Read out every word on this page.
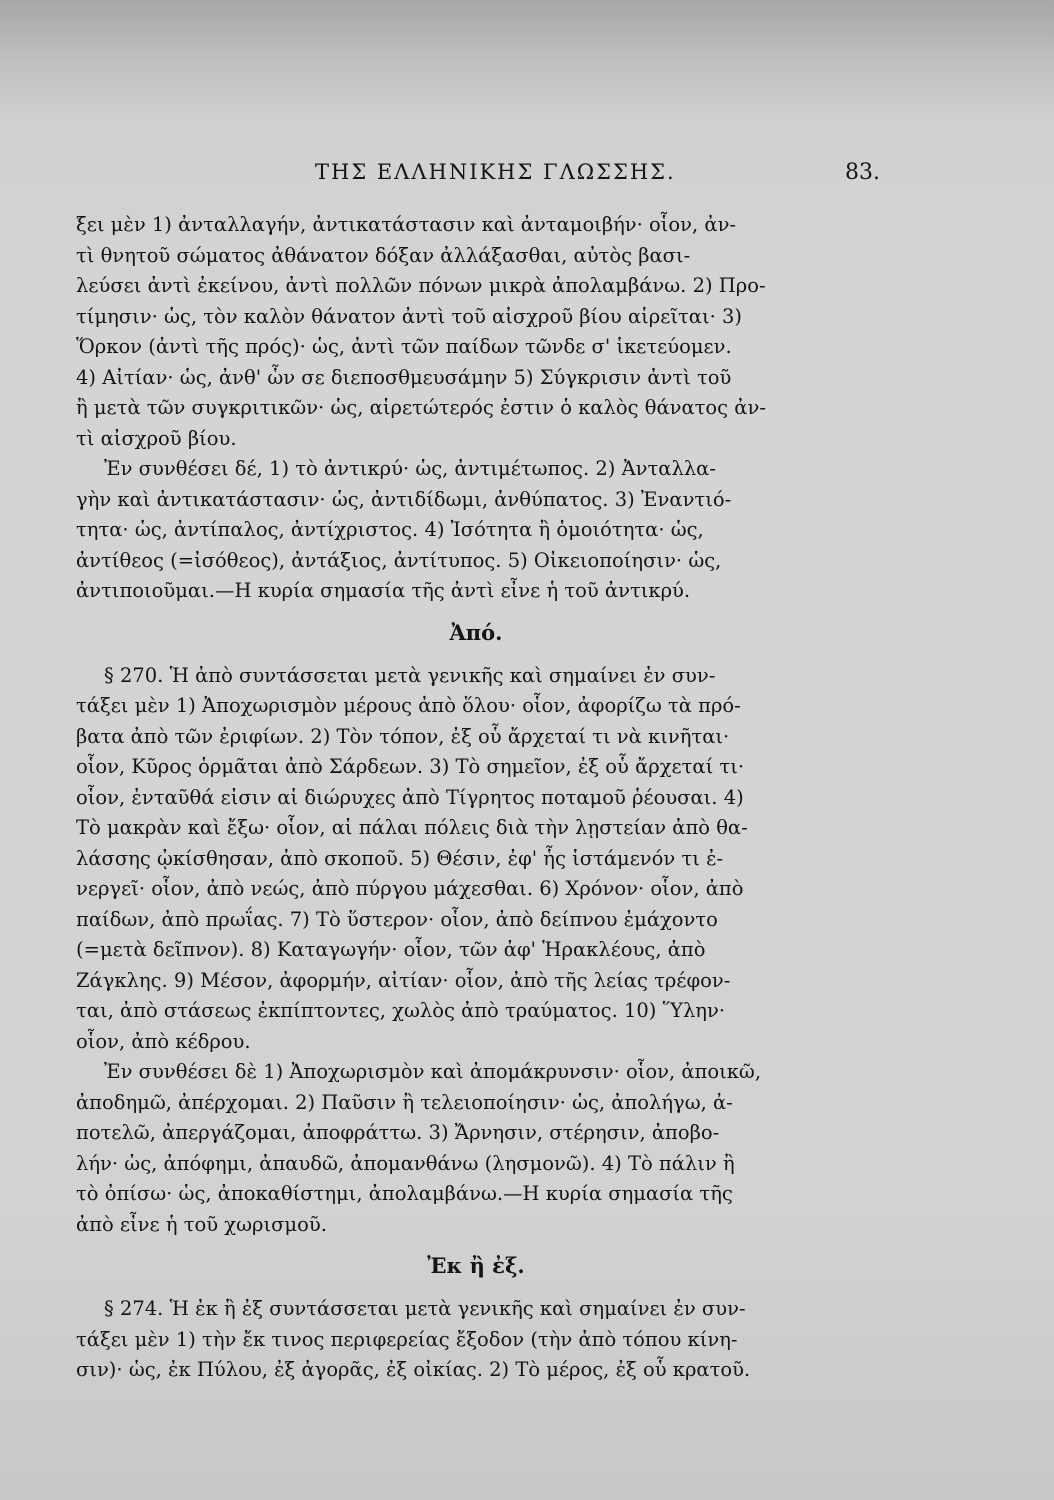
ΤΗΣ ΕΛΛΗΝΙΚΗΣ ΓΛΩΣΣΗΣ.	83.
ξει μὲν 1) ἀνταλλαγήν, ἀντικατάστασιν καὶ ἀνταμοιβήν· οἷον, ἀν-
τὶ θνητοῦ σώματος ἀθάνατον δόξαν ἀλλάξασθαι, αὐτὸς βασι-
λεύσει ἀντὶ ἐκείνου, ἀντὶ πολλῶν πόνων μικρὰ ἀπολαμβάνω. 2) Προ-
τίμησιν· ὡς, τὸν καλὸν θάνατον ἀντὶ τοῦ αἰσχροῦ βίου αἱρεῖται· 3)
Ὅρκον (ἀντὶ τῆς πρός)· ὡς, ἀντὶ τῶν παίδων τῶνδε σ' ἱκετεύομεν.
4) Αἰτίαν· ὡς, ἀνθ' ὧν σε διεποσθμευσάμην 5) Σύγκρισιν ἀντὶ τοῦ
ἢ μετὰ τῶν συγκριτικῶν· ὡς, αἱρετώτερός ἐστιν ὁ καλὸς θάνατος ἀν-
τὶ αἰσχροῦ βίου.
Ἐν συνθέσει δέ, 1) τὸ ἀντικρύ· ὡς, ἀντιμέτωπος. 2) Ἀνταλλα-
γὴν καὶ ἀντικατάστασιν· ὡς, ἀντιδίδωμι, ἀνθύπατος. 3) Ἐναντιό-
τητα· ὡς, ἀντίπαλος, ἀντίχριστος. 4) Ἰσότητα ἢ ὁμοιότητα· ὡς,
ἀντίθεος (=ἰσόθεος), ἀντάξιος, ἀντίτυπος. 5) Οἰκειοποίησιν· ὡς,
ἀντιποιοῦμαι.—Η κυρία σημασία τῆς ἀντὶ εἶνε ἡ τοῦ ἀντικρύ.
Ἀπό.
§ 270. Ἡ ἀπὸ συντάσσεται μετὰ γενικῆς καὶ σημαίνει ἐν συν-
τάξει μὲν 1) Ἀποχωρισμὸν μέρους ἀπὸ ὅλου· οἷον, ἀφορίζω τὰ πρό-
βατα ἀπὸ τῶν ἐριφίων. 2) Τὸν τόπον, ἐξ οὗ ἄρχεταί τι νὰ κινῆται·
οἷον, Κῦρος ὁρμᾶται ἀπὸ Σάρδεων. 3) Τὸ σημεῖον, ἐξ οὗ ἄρχεταί τι·
οἷον, ἐνταῦθά εἰσιν αἱ διώρυχες ἀπὸ Τίγρητος ποταμοῦ ῥέουσαι. 4)
Τὸ μακρὰν καὶ ἔξω· οἷον, αἱ πάλαι πόλεις διὰ τὴν λῃστείαν ἀπὸ θα-
λάσσης ᾠκίσθησαν, ἀπὸ σκοποῦ. 5) Θέσιν, ἐφ' ἧς ἱστάμενόν τι ἐ-
νεργεῖ· οἷον, ἀπὸ νεώς, ἀπὸ πύργου μάχεσθαι. 6) Χρόνον· οἷον, ἀπὸ
παίδων, ἀπὸ πρωΐας. 7) Τὸ ὕστερον· οἷον, ἀπὸ δείπνου ἐμάχοντο
(=μετὰ δεῖπνον). 8) Καταγωγήν· οἷον, τῶν ἀφ' Ἡρακλέους, ἀπὸ
Ζάγκλης. 9) Μέσον, ἀφορμήν, αἰτίαν· οἷον, ἀπὸ τῆς λείας τρέφον-
ται, ἀπὸ στάσεως ἐκπίπτοντες, χωλὸς ἀπὸ τραύματος. 10) Ὕλην·
οἷον, ἀπὸ κέδρου.
Ἐν συνθέσει δὲ 1) Ἀποχωρισμὸν καὶ ἀπομάκρυνσιν· οἷον, ἀποικῶ,
ἀποδημῶ, ἀπέρχομαι. 2) Παῦσιν ἢ τελειοποίησιν· ὡς, ἀπολήγω, ἀ-
ποτελῶ, ἀπεργάζομαι, ἀποφράττω. 3) Ἄρνησιν, στέρησιν, ἀποβο-
λήν· ὡς, ἀπόφημι, ἀπαυδῶ, ἀπομανθάνω (λησμονῶ). 4) Τὸ πάλιν ἢ
τὸ ὀπίσω· ὡς, ἀποκαθίστημι, ἀπολαμβάνω.—Η κυρία σημασία τῆς
ἀπὸ εἶνε ἡ τοῦ χωρισμοῦ.
Ἐκ ἢ ἐξ.
§ 274. Ἡ ἐκ ἢ ἐξ συντάσσεται μετὰ γενικῆς καὶ σημαίνει ἐν συν-
τάξει μὲν 1) τὴν ἔκ τινος περιφερείας ἔξοδον (τὴν ἀπὸ τόπου κίνη-
σιν)· ὡς, ἐκ Πύλου, ἐξ ἀγορᾶς, ἐξ οἰκίας. 2) Τὸ μέρος, ἐξ οὗ κρατοῦ.
